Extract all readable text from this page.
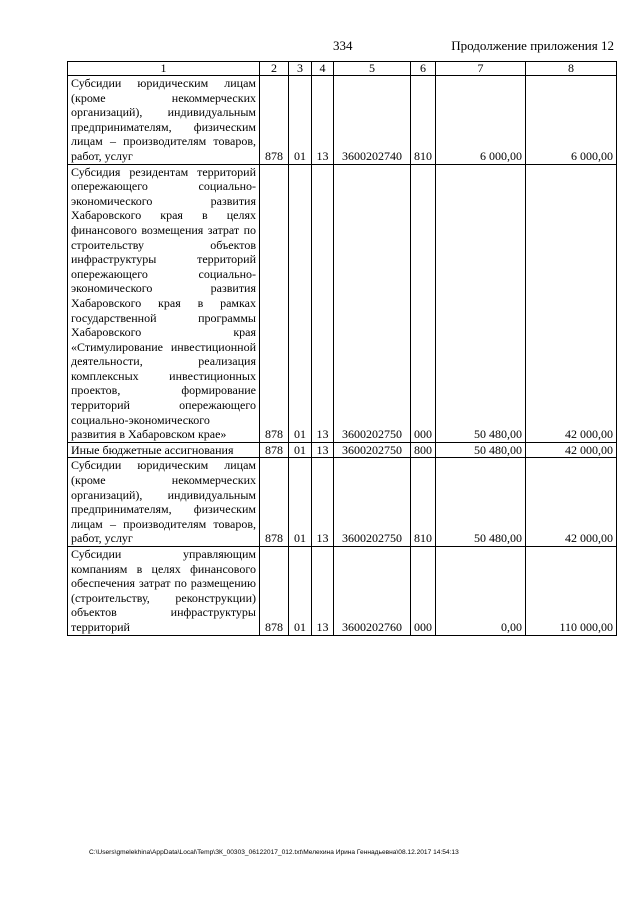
334	Продолжение приложения 12
1	2	3	4	5	6	7	8
Субсидии юридическим лицам (кроме некоммерческих организаций), индивидуальным предпринимателям, физическим лицам – производителям товаров, работ, услуг	878	01	13	3600202740	810	6 000,00	6 000,00
Субсидия резидентам территорий опережающего социально-экономического развития Хабаровского края в целях финансового возмещения затрат по строительству объектов инфраструктуры территорий опережающего социально-экономического развития Хабаровского края в рамках государственной программы Хабаровского края «Стимулирование инвестиционной деятельности, реализация комплексных инвестиционных проектов, формирование территорий опережающего социально-экономического развития в Хабаровском крае»	878	01	13	3600202750	000	50 480,00	42 000,00
Иные бюджетные ассигнования	878	01	13	3600202750	800	50 480,00	42 000,00
Субсидии юридическим лицам (кроме некоммерческих организаций), индивидуальным предпринимателям, физическим лицам – производителям товаров, работ, услуг	878	01	13	3600202750	810	50 480,00	42 000,00
Субсидии управляющим компаниям в целях финансового обеспечения затрат по размещению (строительству, реконструкции) объектов инфраструктуры территорий	878	01	13	3600202760	000	0,00	110 000,00
C:\Users\gmelekhina\AppData\Local\Temp\ЗК_00303_06122017_012.txt\Мелехина Ирина Геннадьевна\08.12.2017 14:54:13
